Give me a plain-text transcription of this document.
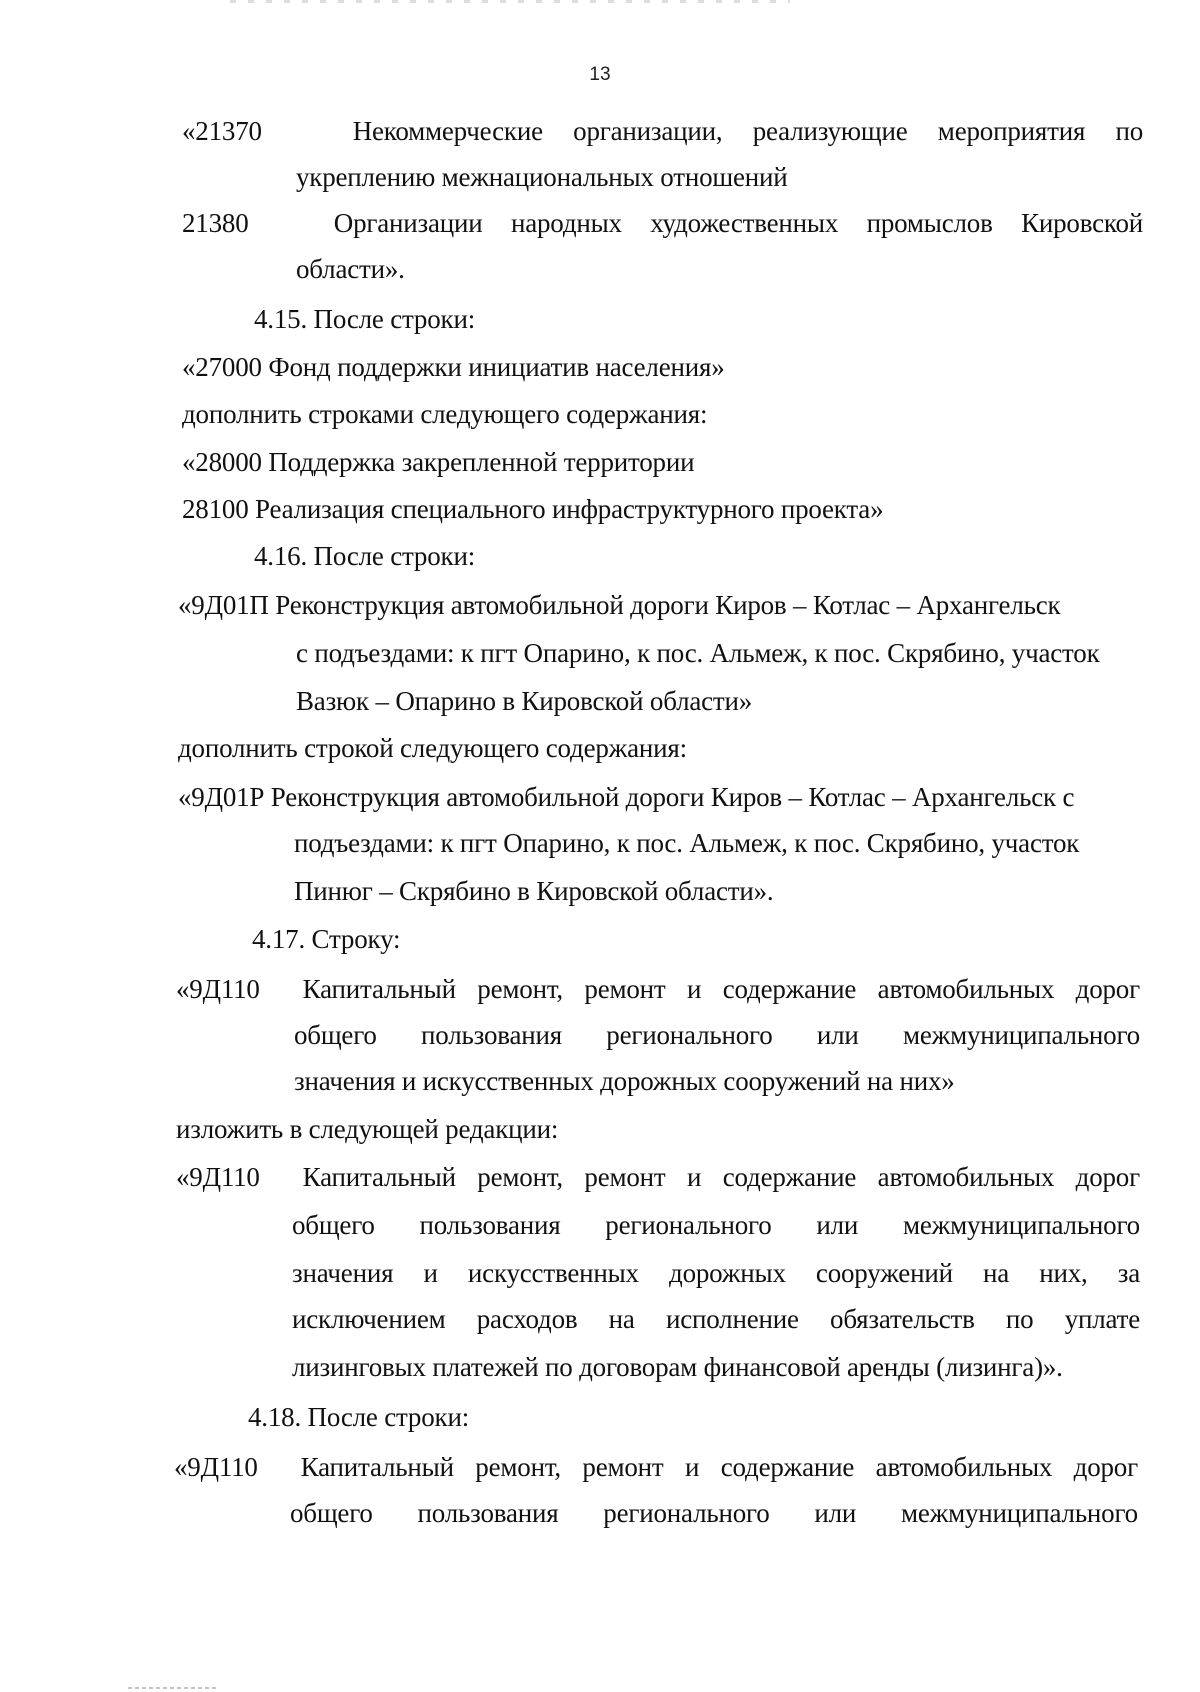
13
«21370	Некоммерческие организации, реализующие мероприятия по
укреплению межнациональных отношений
21380	Организации народных художественных промыслов Кировской
области».
4.15. После строки:
«27000 Фонд поддержки инициатив населения»
дополнить строками следующего содержания:
«28000 Поддержка закрепленной территории
28100 Реализация специального инфраструктурного проекта»
4.16. После строки:
«9Д01П Реконструкция автомобильной дороги Киров – Котлас – Архангельск
с подъездами: к пгт Опарино, к пос. Альмеж, к пос. Скрябино, участок
Вазюк – Опарино в Кировской области»
дополнить строкой следующего содержания:
«9Д01Р Реконструкция автомобильной дороги Киров – Котлас – Архангельск с
подъездами: к пгт Опарино, к пос. Альмеж, к пос. Скрябино, участок
Пинюг – Скрябино в Кировской области».
4.17. Строку:
«9Д110 Капитальный ремонт, ремонт и содержание автомобильных дорог
общего пользования регионального или межмуниципального
значения и искусственных дорожных сооружений на них»
изложить в следующей редакции:
«9Д110 Капитальный ремонт, ремонт и содержание автомобильных дорог
общего пользования регионального или межмуниципального
значения и искусственных дорожных сооружений на них, за
исключением расходов на исполнение обязательств по уплате
лизинговых платежей по договорам финансовой аренды (лизинга)».
4.18. После строки:
«9Д110 Капитальный ремонт, ремонт и содержание автомобильных дорог
общего пользования регионального или межмуниципального
